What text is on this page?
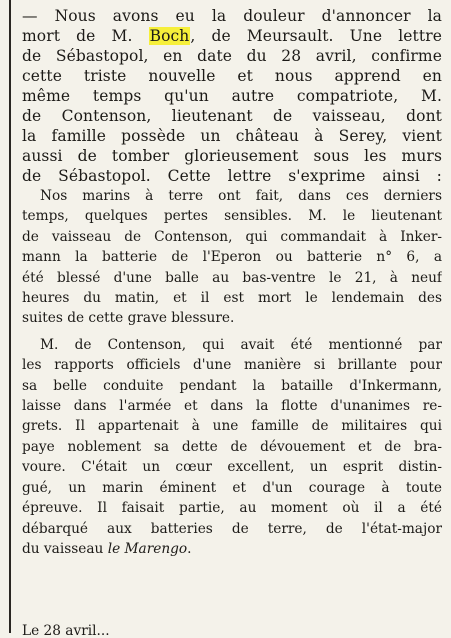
— Nous avons eu la douleur d'annoncer la
mort de M. Boch, de Meursault. Une lettre
de Sébastopol, en date du 28 avril, confirme
cette triste nouvelle et nous apprend en
même temps qu'un autre compatriote, M.
de Contenson, lieutenant de vaisseau, dont
la famille possède un château à Serey, vient
aussi de tomber glorieusement sous les murs
de Sébastopol. Cette lettre s'exprime ainsi :
Nos marins à terre ont fait, dans ces derniers
temps, quelques pertes sensibles. M. le lieutenant
de vaisseau de Contenson, qui commandait à Inker-
mann la batterie de l'Eperon ou batterie n° 6, a
été blessé d'une balle au bas-ventre le 21, à neuf
heures du matin, et il est mort le lendemain des
suites de cette grave blessure.
M. de Contenson, qui avait été mentionné par
les rapports officiels d'une manière si brillante pour
sa belle conduite pendant la bataille d'Inkermann,
laisse dans l'armée et dans la flotte d'unanimes re-
grets. Il appartenait à une famille de militaires qui
paye noblement sa dette de dévouement et de bra-
voure. C'était un cœur excellent, un esprit distin-
gué, un marin éminent et d'un courage à toute
épreuve. Il faisait partie, au moment où il a été
débarqué aux batteries de terre, de l'état-major
du vaisseau le Marengo.
Le 28 avril...
